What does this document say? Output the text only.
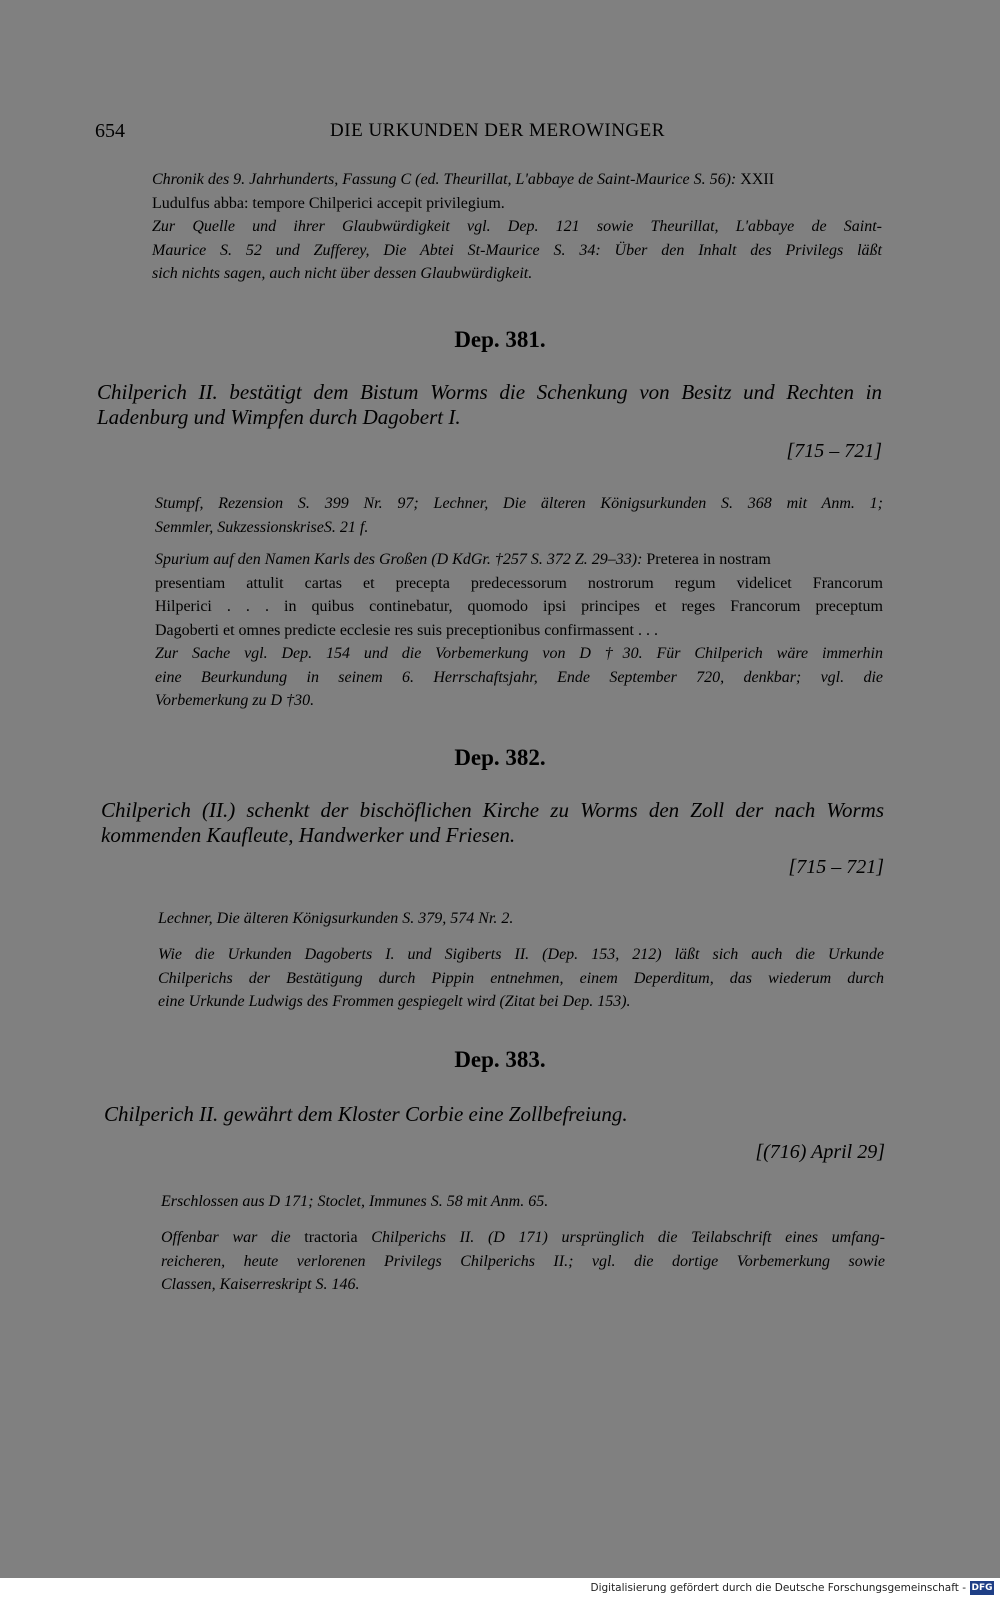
654	DIE URKUNDEN DER MEROWINGER
Chronik des 9. Jahrhunderts, Fassung C (ed. Theurillat, L'abbaye de Saint-Maurice S. 56): XXII
Ludulfus abba: tempore Chilperici accepit privilegium.
Zur Quelle und ihrer Glaubwürdigkeit vgl. Dep. 121 sowie Theurillat, L'abbaye de Saint-
Maurice S. 52 und Zufferey, Die Abtei St-Maurice S. 34: Über den Inhalt des Privilegs läßt
sich nichts sagen, auch nicht über dessen Glaubwürdigkeit.
Dep. 381.
Chilperich II. bestätigt dem Bistum Worms die Schenkung von Besitz und Rechten in
Ladenburg und Wimpfen durch Dagobert I.
[715 – 721]
Stumpf, Rezension S. 399 Nr. 97; Lechner, Die älteren Königsurkunden S. 368 mit Anm. 1;
Semmler, SukzessionskriseS. 21 f.
Spurium auf den Namen Karls des Großen (D KdGr. †257 S. 372 Z. 29–33): Preterea in nostram
presentiam attulit cartas et precepta predecessorum nostrorum regum videlicet Francorum
Hilperici . . . in quibus continebatur, quomodo ipsi principes et reges Francorum preceptum
Dagoberti et omnes predicte ecclesie res suis preceptionibus confirmassent . . .
Zur Sache vgl. Dep. 154 und die Vorbemerkung von D †30. Für Chilperich wäre immerhin
eine Beurkundung in seinem 6. Herrschaftsjahr, Ende September 720, denkbar; vgl. die
Vorbemerkung zu D †30.
Dep. 382.
Chilperich (II.) schenkt der bischöflichen Kirche zu Worms den Zoll der nach Worms
kommenden Kaufleute, Handwerker und Friesen.
[715 – 721]
Lechner, Die älteren Königsurkunden S. 379, 574 Nr. 2.
Wie die Urkunden Dagoberts I. und Sigiberts II. (Dep. 153, 212) läßt sich auch die Urkunde
Chilperichs der Bestätigung durch Pippin entnehmen, einem Deperditum, das wiederum durch
eine Urkunde Ludwigs des Frommen gespiegelt wird (Zitat bei Dep. 153).
Dep. 383.
Chilperich II. gewährt dem Kloster Corbie eine Zollbefreiung.
[(716) April 29]
Erschlossen aus D 171; Stoclet, Immunes S. 58 mit Anm. 65.
Offenbar war die tractoria Chilperichs II. (D 171) ursprünglich die Teilabschrift eines umfang-
reicheren, heute verlorenen Privilegs Chilperichs II.; vgl. die dortige Vorbemerkung sowie
Classen, Kaiserreskript S. 146.
Digitalisierung gefördert durch die Deutsche Forschungsgemeinschaft - DFG
